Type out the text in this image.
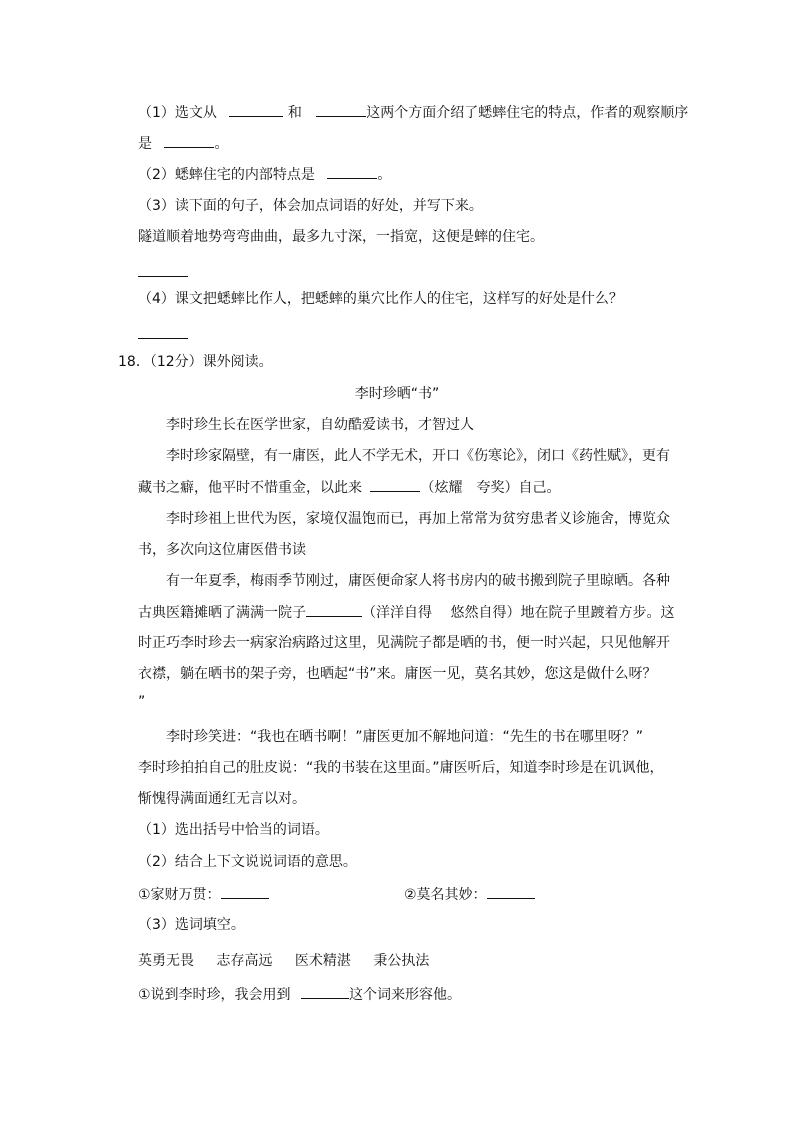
（1）选文从	和	这两个方面介绍了蟋蟀住宅的特点，作者的观察顺序
是	。
（2）蟋蟀住宅的内部特点是	。
（3）读下面的句子，体会加点词语的好处，并写下来。
隧道顺着地势弯弯曲曲，最多九寸深，一指宽，这便是蟀的住宅。
（4）课文把蟋蟀比作人，把蟋蟀的巢穴比作人的住宅，这样写的好处是什么？
18．（12分）课外阅读。
李时珍晒“书”
李时珍生长在医学世家，自幼酷爱读书，才智过人
李时珍家隔壁，有一庸医，此人不学无术，开口《伤寒论》，闭口《药性赋》，更有
藏书之癖，他平时不惜重金，以此来	（炫耀　夸奖）自己。
李时珍祖上世代为医，家境仅温饱而已，再加上常常为贫穷患者义诊施舍，博览众
书，多次向这位庸医借书读
有一年夏季，梅雨季节刚过，庸医便命家人将书房内的破书搬到院子里晾晒。各种
古典医籍摊晒了满满一院子	（洋洋自得　 悠然自得）地在院子里踱着方步。这
时正巧李时珍去一病家治病路过这里，见满院子都是晒的书，便一时兴起，只见他解开
衣襟，躺在晒书的架子旁，也晒起“书”来。庸医一见，莫名其妙，您这是做什么呀？
”
李时珍笑进：“我也在晒书啊！”庸医更加不解地问道：“先生的书在哪里呀？”
李时珍拍拍自己的肚皮说：“我的书装在这里面。”庸医听后，知道李时珍是在讥讽他，
惭愧得满面通红无言以对。
（1）选出括号中恰当的词语。
（2）结合上下文说说词语的意思。
①家财万贯：	②莫名其妙：
（3）选词填空。
英勇无畏 志存高远 医术精湛 秉公执法
①说到李时珍，我会用到	这个词来形容他。
